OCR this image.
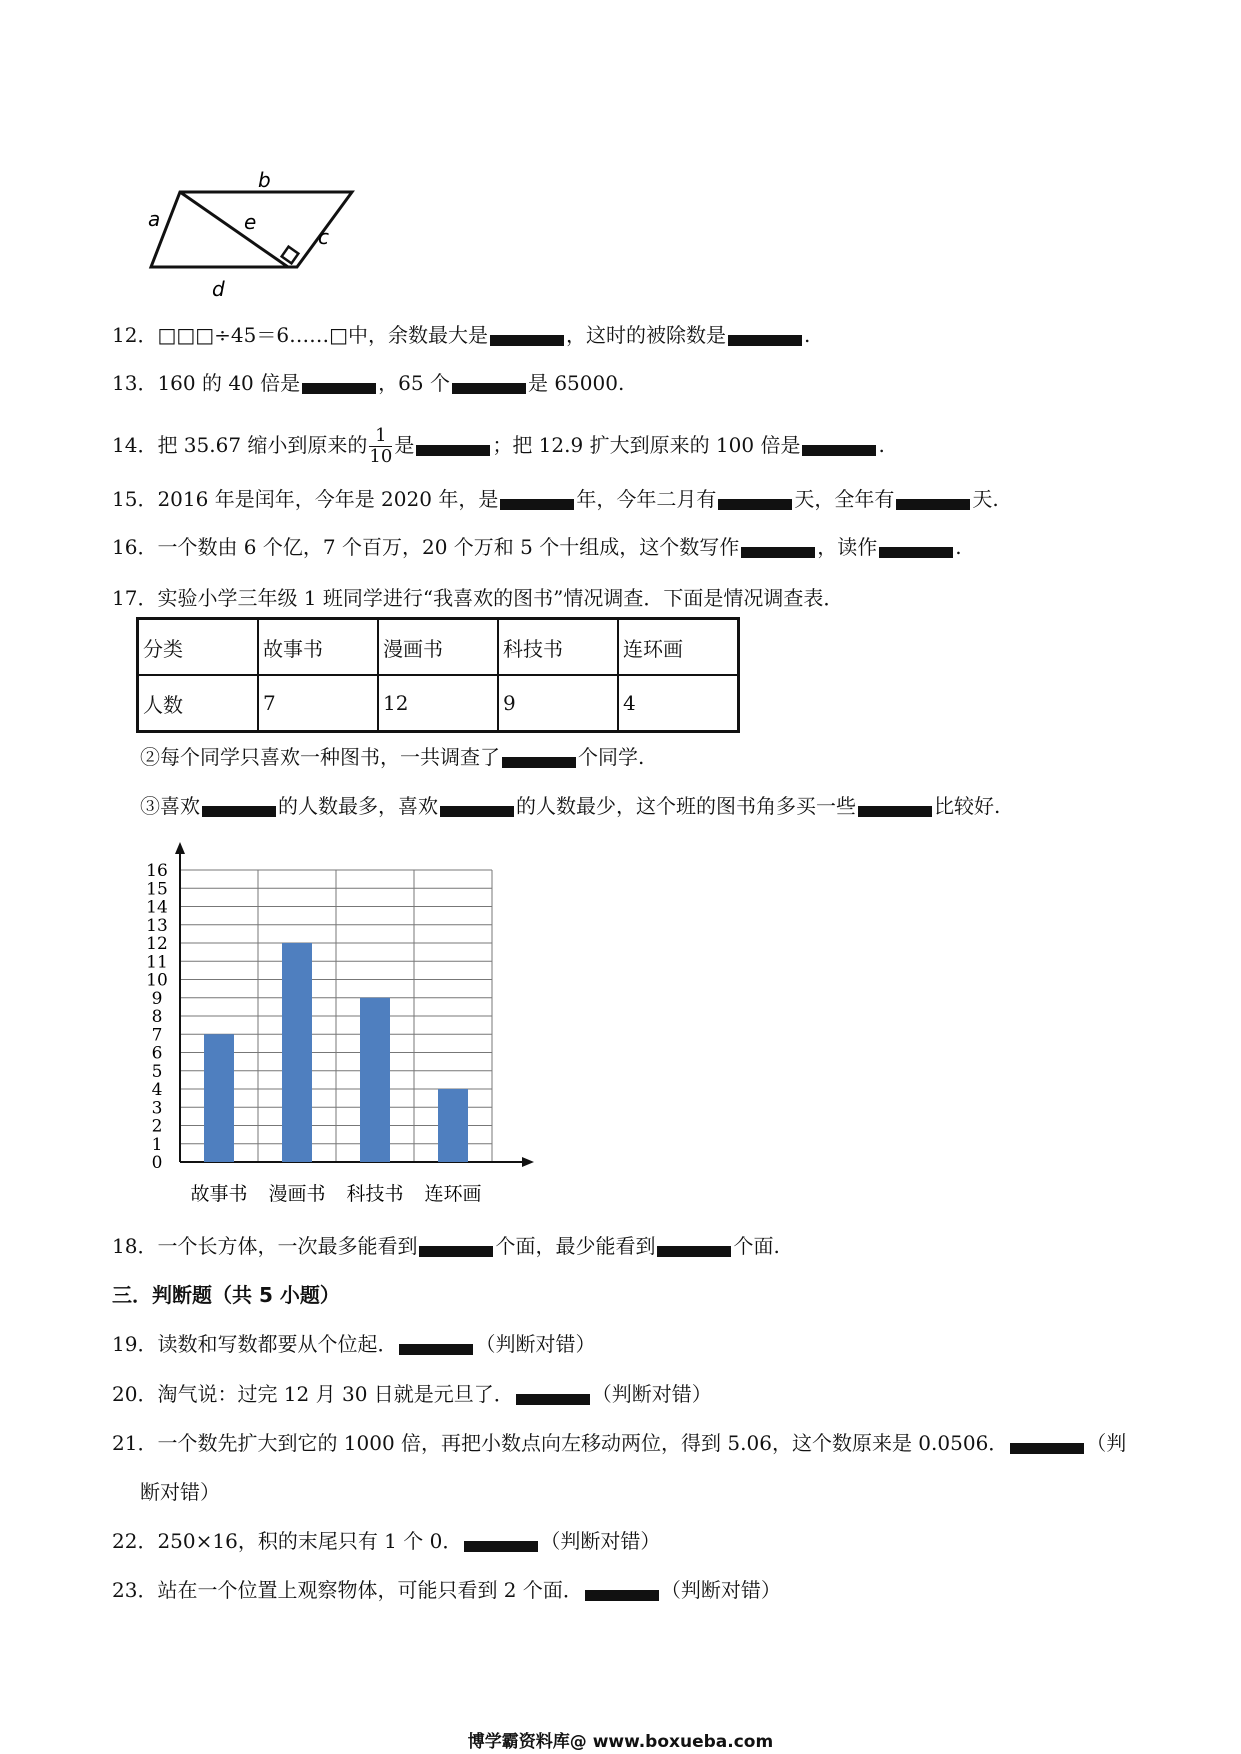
b
a	e
c
d
12．□□□÷45＝6……□中，余数最大是	，这时的被除数是	.
13．160 的 40 倍是	，65 个	是 65000.
14．把 35.67 缩小到原来的 $\frac{1}{10}$ 是	；把 12.9 扩大到原来的 100 倍是	.
15．2016 年是闰年，今年是 2020 年，是	年，今年二月有	天，全年有	天.
16．一个数由 6 个亿，7 个百万，20 个万和 5 个十组成，这个数写作	，读作	.
17．实验小学三年级 1 班同学进行“我喜欢的图书”情况调查．下面是情况调查表．
分类	故事书	漫画书	科技书	连环画
人数	7	12	9	4
②每个同学只喜欢一种图书，一共调查了	个同学.
③喜欢	的人数最多，喜欢	的人数最少，这个班的图书角多买一些	比较好.
0
1
2
3
4
5
6
7
8
9
10
11
12
13
14
15
16
故事书 漫画书 科技书 连环画
18．一个长方体，一次最多能看到	个面，最少能看到	个面.
三．判断题（共 5 小题）
19．读数和写数都要从个位起．	（判断对错）
20．淘气说：过完 12 月 30 日就是元旦了．	（判断对错）
21．一个数先扩大到它的 1000 倍，再把小数点向左移动两位，得到 5.06，这个数原来是 0.0506．	（判
断对错）
22．250×16，积的末尾只有 1 个 0．	（判断对错）
23．站在一个位置上观察物体，可能只看到 2 个面．	（判断对错）
博学霸资料库@ www.boxueba.com
